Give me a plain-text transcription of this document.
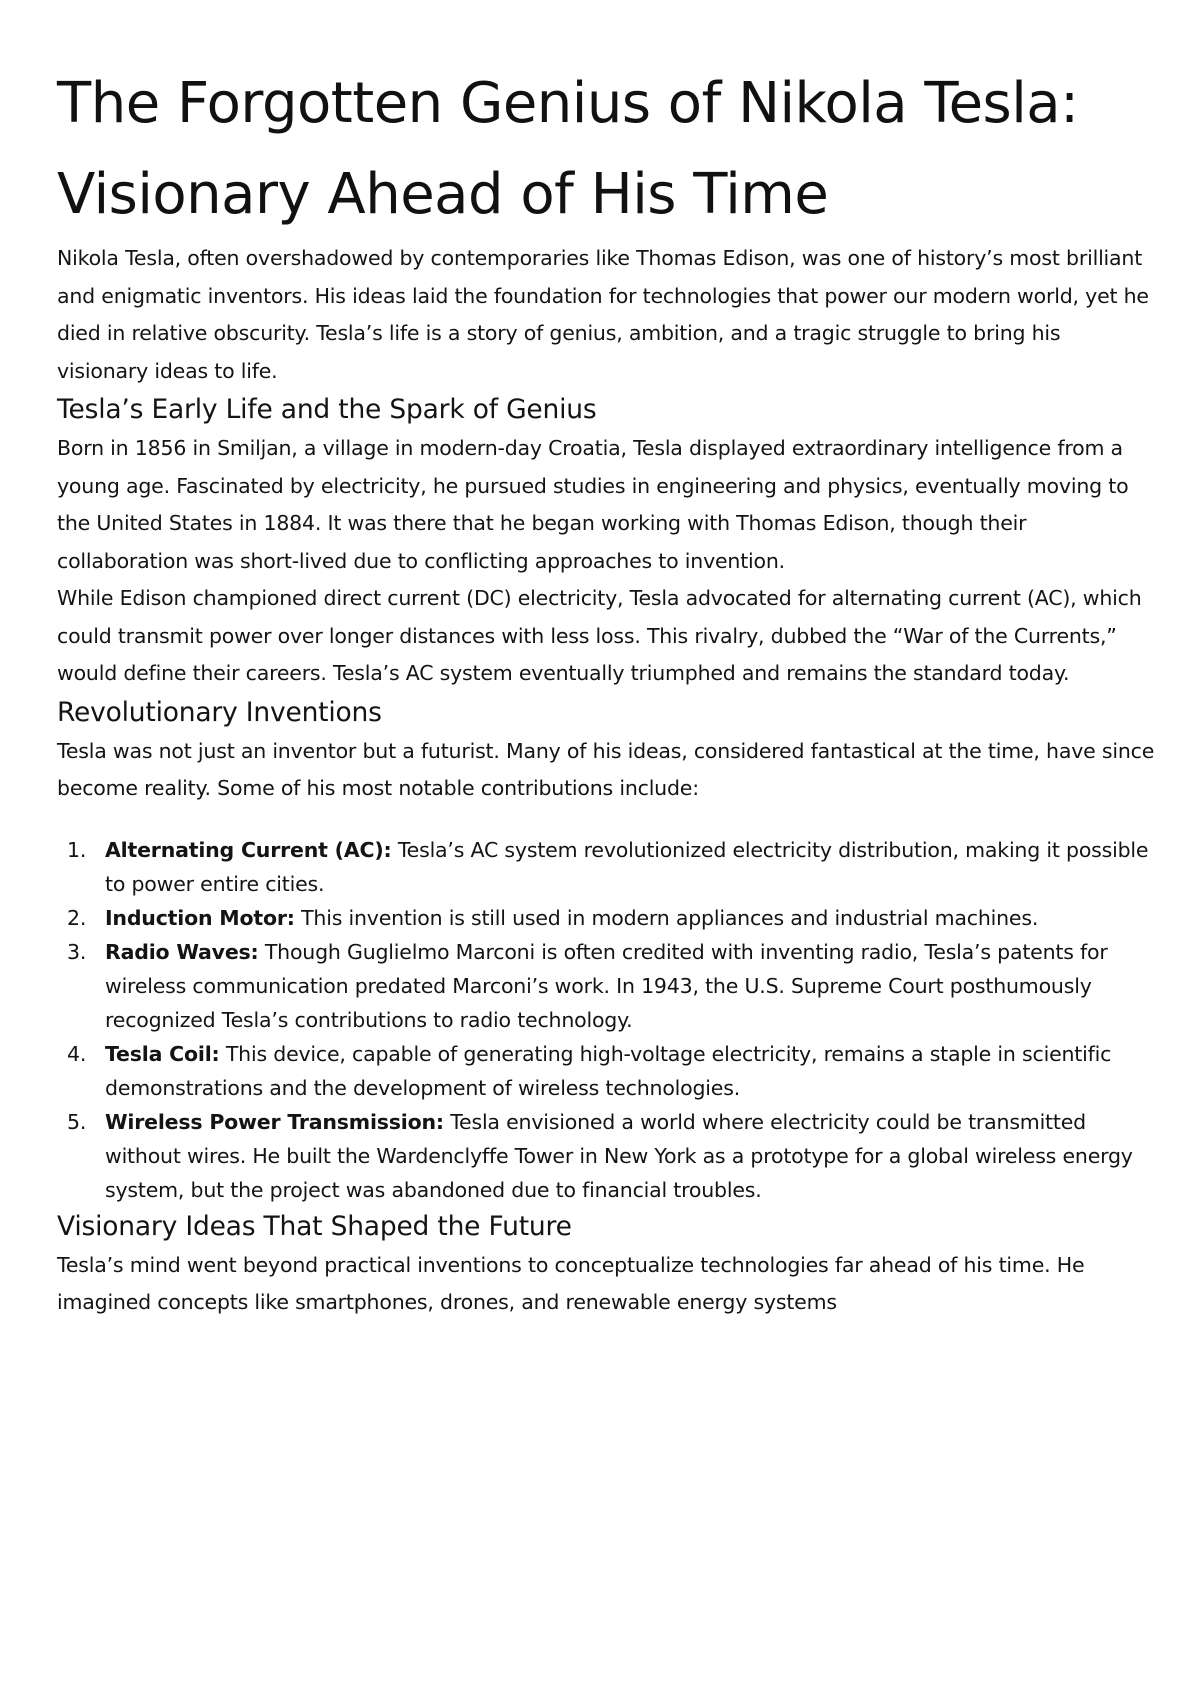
The Forgotten Genius of Nikola Tesla: Visionary Ahead of His Time

Nikola Tesla, often overshadowed by contemporaries like Thomas Edison, was one of history’s most brilliant and enigmatic inventors. His ideas laid the foundation for technologies that power our modern world, yet he died in relative obscurity. Tesla’s life is a story of genius, ambition, and a tragic struggle to bring his visionary ideas to life.

Tesla’s Early Life and the Spark of Genius

Born in 1856 in Smiljan, a village in modern-day Croatia, Tesla displayed extraordinary intelligence from a young age. Fascinated by electricity, he pursued studies in engineering and physics, eventually moving to the United States in 1884. It was there that he began working with Thomas Edison, though their collaboration was short-lived due to conflicting approaches to invention.

While Edison championed direct current (DC) electricity, Tesla advocated for alternating current (AC), which could transmit power over longer distances with less loss. This rivalry, dubbed the “War of the Currents,” would define their careers. Tesla’s AC system eventually triumphed and remains the standard today.

Revolutionary Inventions

Tesla was not just an inventor but a futurist. Many of his ideas, considered fantastical at the time, have since become reality. Some of his most notable contributions include:

1. Alternating Current (AC): Tesla’s AC system revolutionized electricity distribution, making it possible to power entire cities.
2. Induction Motor: This invention is still used in modern appliances and industrial machines.
3. Radio Waves: Though Guglielmo Marconi is often credited with inventing radio, Tesla’s patents for wireless communication predated Marconi’s work. In 1943, the U.S. Supreme Court posthumously recognized Tesla’s contributions to radio technology.
4. Tesla Coil: This device, capable of generating high-voltage electricity, remains a staple in scientific demonstrations and the development of wireless technologies.
5. Wireless Power Transmission: Tesla envisioned a world where electricity could be transmitted without wires. He built the Wardenclyffe Tower in New York as a prototype for a global wireless energy system, but the project was abandoned due to financial troubles.
Visionary Ideas That Shaped the Future

Tesla’s mind went beyond practical inventions to conceptualize technologies far ahead of his time. He imagined concepts like smartphones, drones, and renewable energy systems
